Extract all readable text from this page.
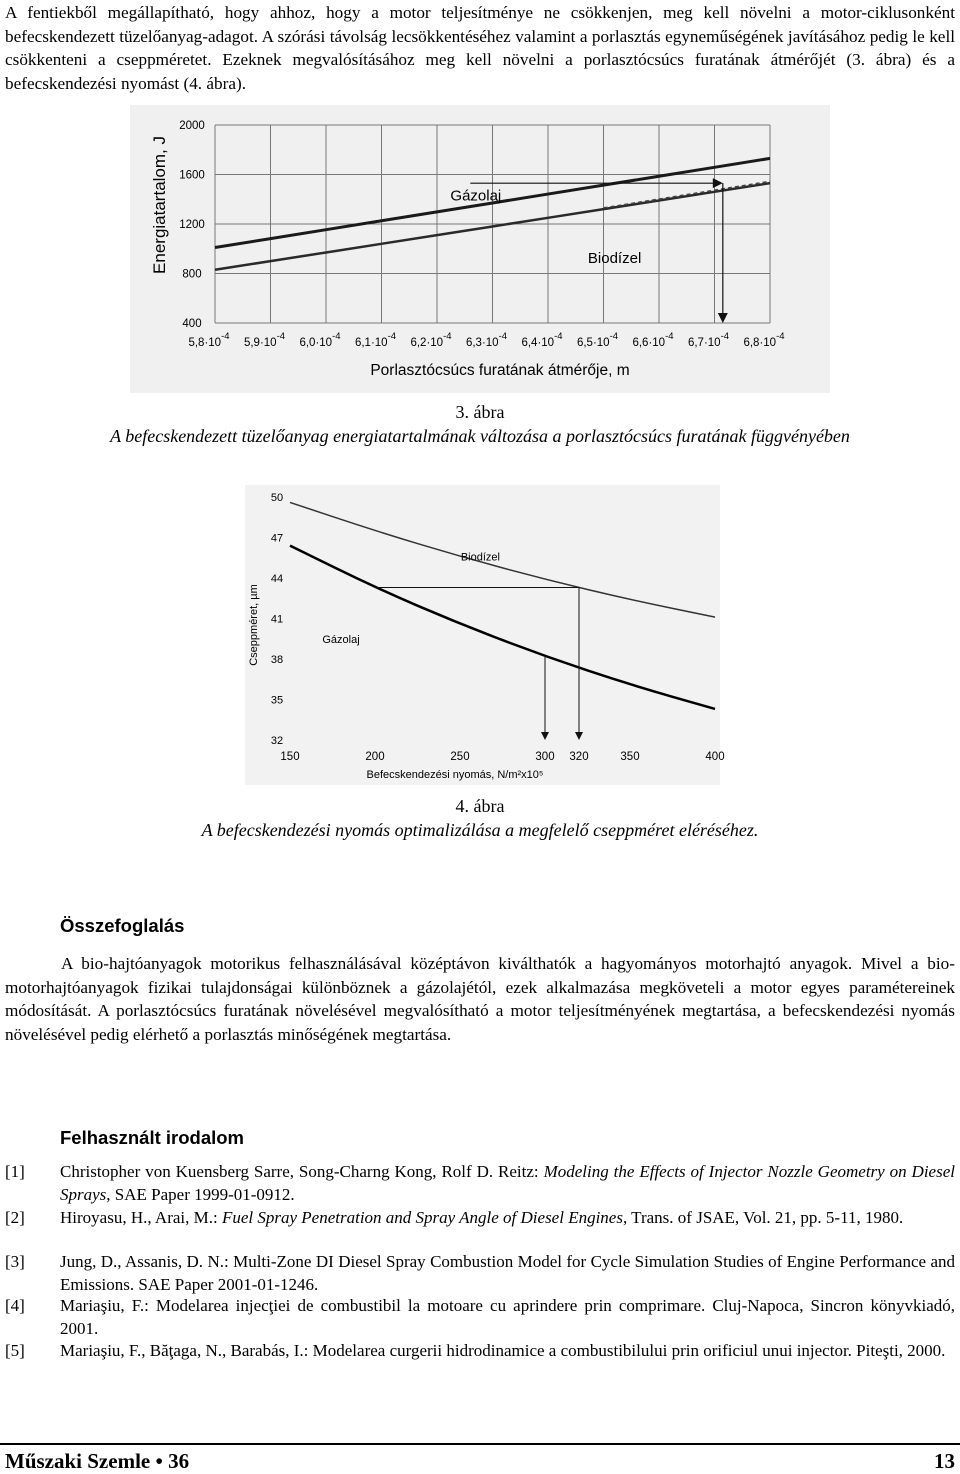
A fentiekből megállapítható, hogy ahhoz, hogy a motor teljesítménye ne csökkenjen, meg kell növelni a motor-ciklusonként befecskendezett tüzelőanyag-adagot. A szórási távolság lecsökkentéséhez valamint a porlasztás egyneműségének javításához pedig le kell csökkenteni a cseppméretet. Ezeknek megvalósításához meg kell növelni a porlasztócsúcs furatának átmérőjét (3. ábra) és a befecskendezési nyomást (4. ábra).
400
800
1200
1600
2000
$5,8\cdot 10^{-4}$
$5,9\cdot 10^{-4}$
$6,0\cdot 10^{-4}$
$6,1\cdot 10^{-4}$
$6,2\cdot 10^{-4}$
$6,3\cdot 10^{-4}$
$6,4\cdot 10^{-4}$
$6,5\cdot 10^{-4}$
$6,6\cdot 10^{-4}$
$6,7\cdot 10^{-4}$
$6,8\cdot 10^{-4}$
Gázolaj
Biodízel
Energiatartalom, J
Porlasztócsúcs furatának átmérője, m
3. ábra
A befecskendezett tüzelőanyag energiatartalmának változása a porlasztócsúcs furatának függvényében
32
35
38
41
44
47
50
150	200	250	300 320	350	400
Biodízel
Gázolaj
Cseppméret, µm
Befecskendezési nyomás, N/m²x10⁵
4. ábra
A befecskendezési nyomás optimalizálása a megfelelő cseppméret eléréséhez.
Összefoglalás
A bio-hajtóanyagok motorikus felhasználásával középtávon kiválthatók a hagyományos motorhajtó anyagok. Mivel a bio-motorhajtóanyagok fizikai tulajdonságai különböznek a gázolajétól, ezek alkalmazása megköveteli a motor egyes paramétereinek módosítását. A porlasztócsúcs furatának növelésével megvalósítható a motor teljesítményének megtartása, a befecskendezési nyomás növelésével pedig elérhető a porlasztás minőségének megtartása.
Felhasznált irodalom
[1] Christopher von Kuensberg Sarre, Song-Charng Kong, Rolf D. Reitz: Modeling the Effects of Injector Nozzle Geometry on Diesel Sprays, SAE Paper 1999-01-0912.
[2] Hiroyasu, H., Arai, M.: Fuel Spray Penetration and Spray Angle of Diesel Engines, Trans. of JSAE, Vol. 21, pp. 5-11, 1980.
[3] Jung, D., Assanis, D. N.: Multi-Zone DI Diesel Spray Combustion Model for Cycle Simulation Studies of Engine Performance and Emissions. SAE Paper 2001-01-1246.
[4] Mariaşiu, F.: Modelarea injecţiei de combustibil la motoare cu aprindere prin comprimare. Cluj-Napoca, Sincron könyvkiadó, 2001.
[5] Mariaşiu, F., Băţaga, N., Barabás, I.: Modelarea curgerii hidrodinamice a combustibilului prin orificiul unui injector. Piteşti, 2000.
Műszaki Szemle • 36	13
